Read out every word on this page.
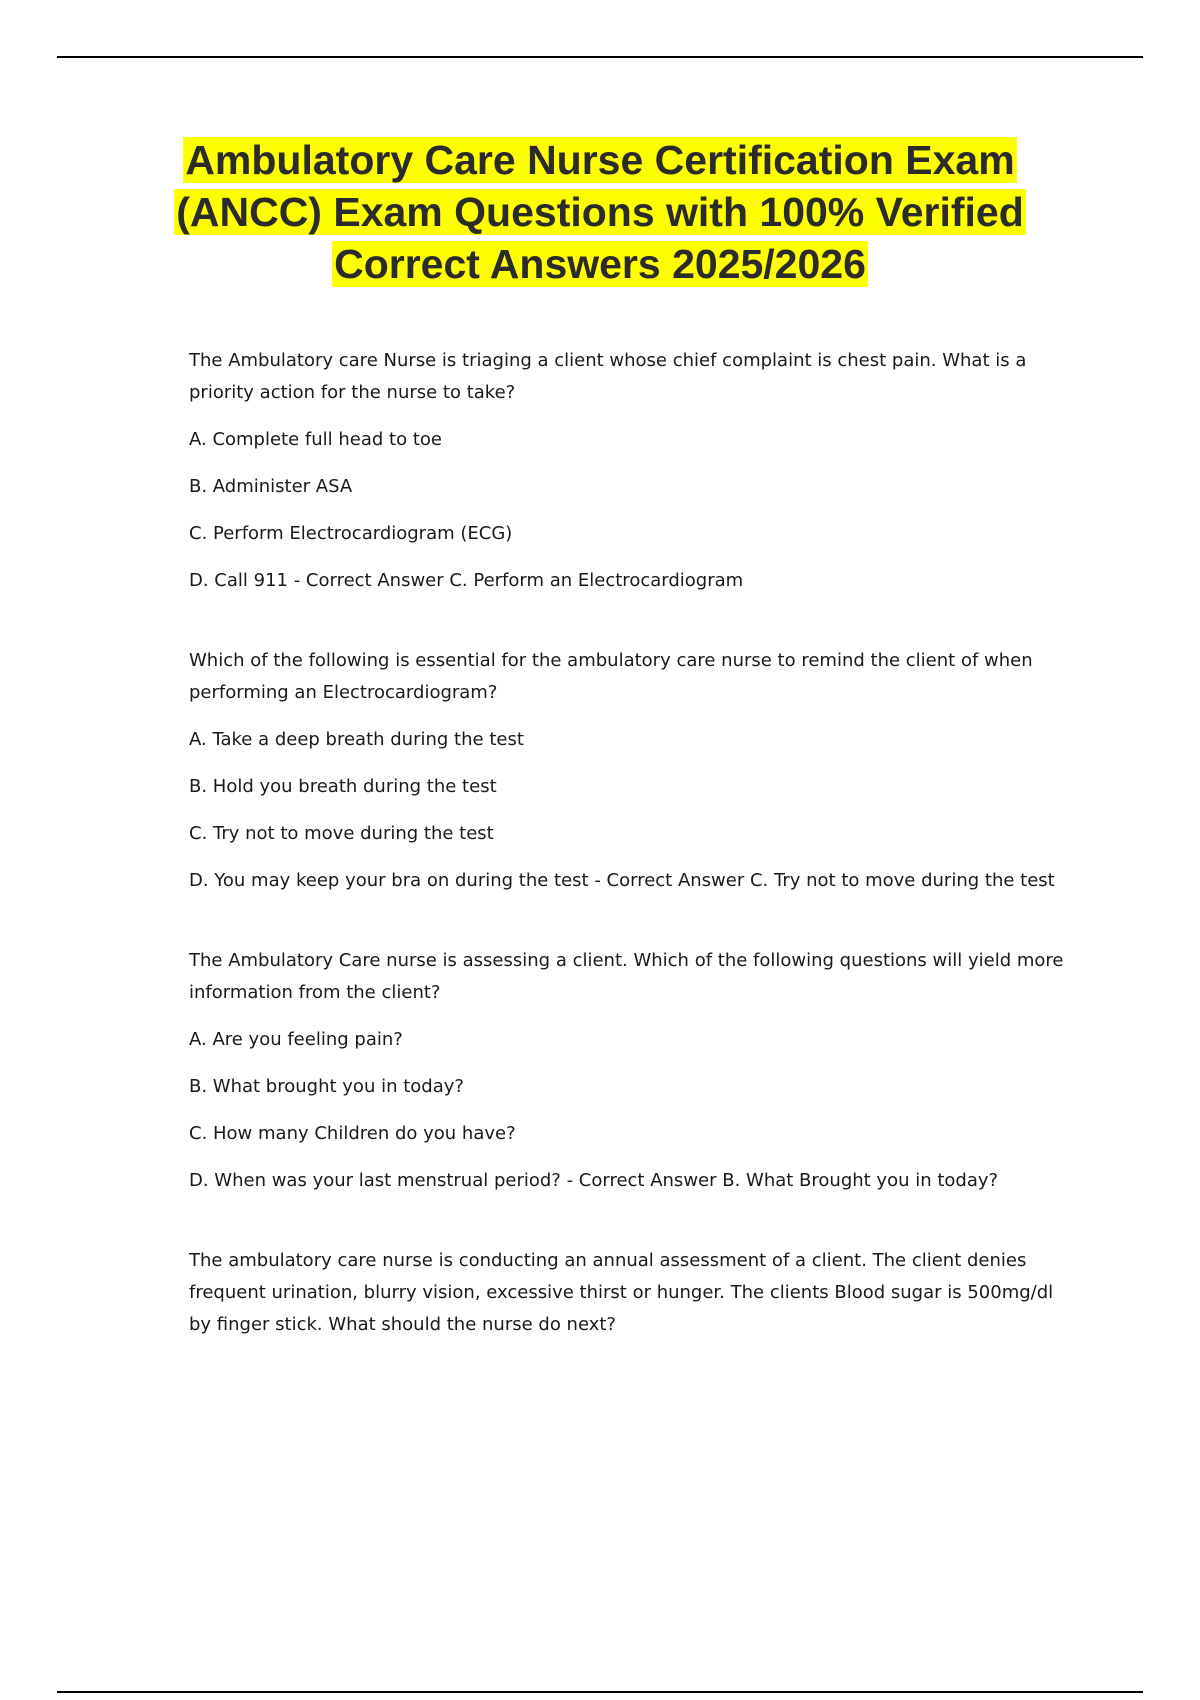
Ambulatory Care Nurse Certification Exam (ANCC) Exam Questions with 100% Verified Correct Answers 2025/2026

The Ambulatory care Nurse is triaging a client whose chief complaint is chest pain. What is a priority action for the nurse to take?

A. Complete full head to toe

B. Administer ASA

C. Perform Electrocardiogram (ECG)

D. Call 911 - Correct Answer C. Perform an Electrocardiogram

Which of the following is essential for the ambulatory care nurse to remind the client of when performing an Electrocardiogram?

A. Take a deep breath during the test

B. Hold you breath during the test

C. Try not to move during the test

D. You may keep your bra on during the test - Correct Answer C. Try not to move during the test

The Ambulatory Care nurse is assessing a client. Which of the following questions will yield more information from the client?

A. Are you feeling pain?

B. What brought you in today?

C. How many Children do you have?

D. When was your last menstrual period? - Correct Answer B. What Brought you in today?

The ambulatory care nurse is conducting an annual assessment of a client. The client denies frequent urination, blurry vision, excessive thirst or hunger. The clients Blood sugar is 500mg/dl by finger stick. What should the nurse do next?
